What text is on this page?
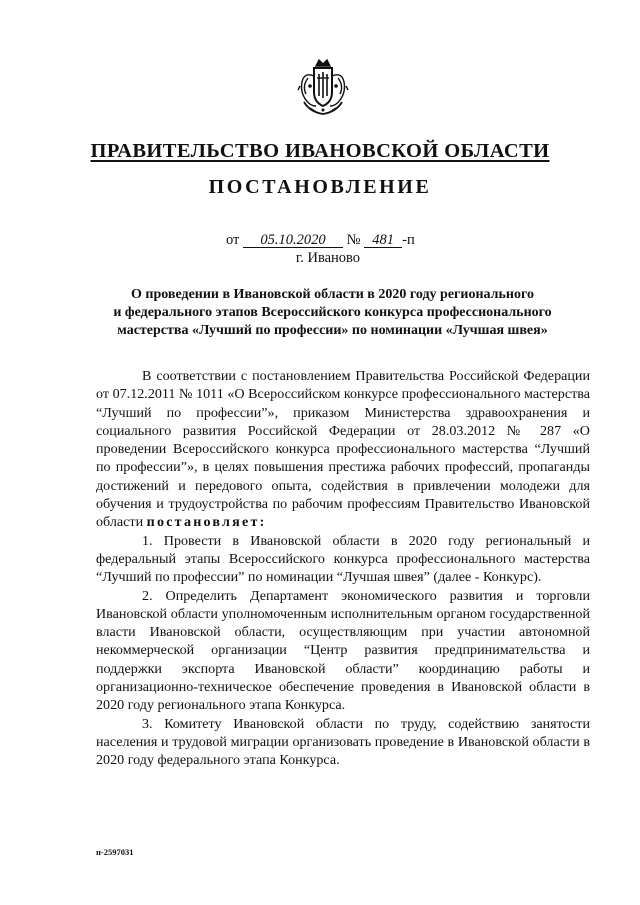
ПРАВИТЕЛЬСТВО ИВАНОВСКОЙ ОБЛАСТИ
ПОСТАНОВЛЕНИЕ
от 05.10.2020 № 481 -п
г. Иваново
О проведении в Ивановской области в 2020 году регионального
и федерального этапов Всероссийского конкурса профессионального
мастерства «Лучший по профессии» по номинации «Лучшая швея»

В соответствии с постановлением Правительства Российской Федерации от 07.12.2011 № 1011 «О Всероссийском конкурсе профессионального мастерства “Лучший по профессии”», приказом Министерства здравоохранения и социального развития Российской Федерации от 28.03.2012 № 287 «О проведении Всероссийского конкурса профессионального мастерства “Лучший по профессии”», в целях повышения престижа рабочих профессий, пропаганды достижений и передового опыта, содействия в привлечении молодежи для обучения и трудоустройства по рабочим профессиям Правительство Ивановской области постановляет:

1. Провести в Ивановской области в 2020 году региональный и федеральный этапы Всероссийского конкурса профессионального мастерства “Лучший по профессии” по номинации “Лучшая швея” (далее - Конкурс).

2. Определить Департамент экономического развития и торговли Ивановской области уполномоченным исполнительным органом государственной власти Ивановской области, осуществляющим при участии автономной некоммерческой организации “Центр развития предпринимательства и поддержки экспорта Ивановской области” координацию работы и организационно-техническое обеспечение проведения в Ивановской области в 2020 году регионального этапа Конкурса.

3. Комитету Ивановской области по труду, содействию занятости населения и трудовой миграции организовать проведение в Ивановской области в 2020 году федерального этапа Конкурса.

п-2597031
